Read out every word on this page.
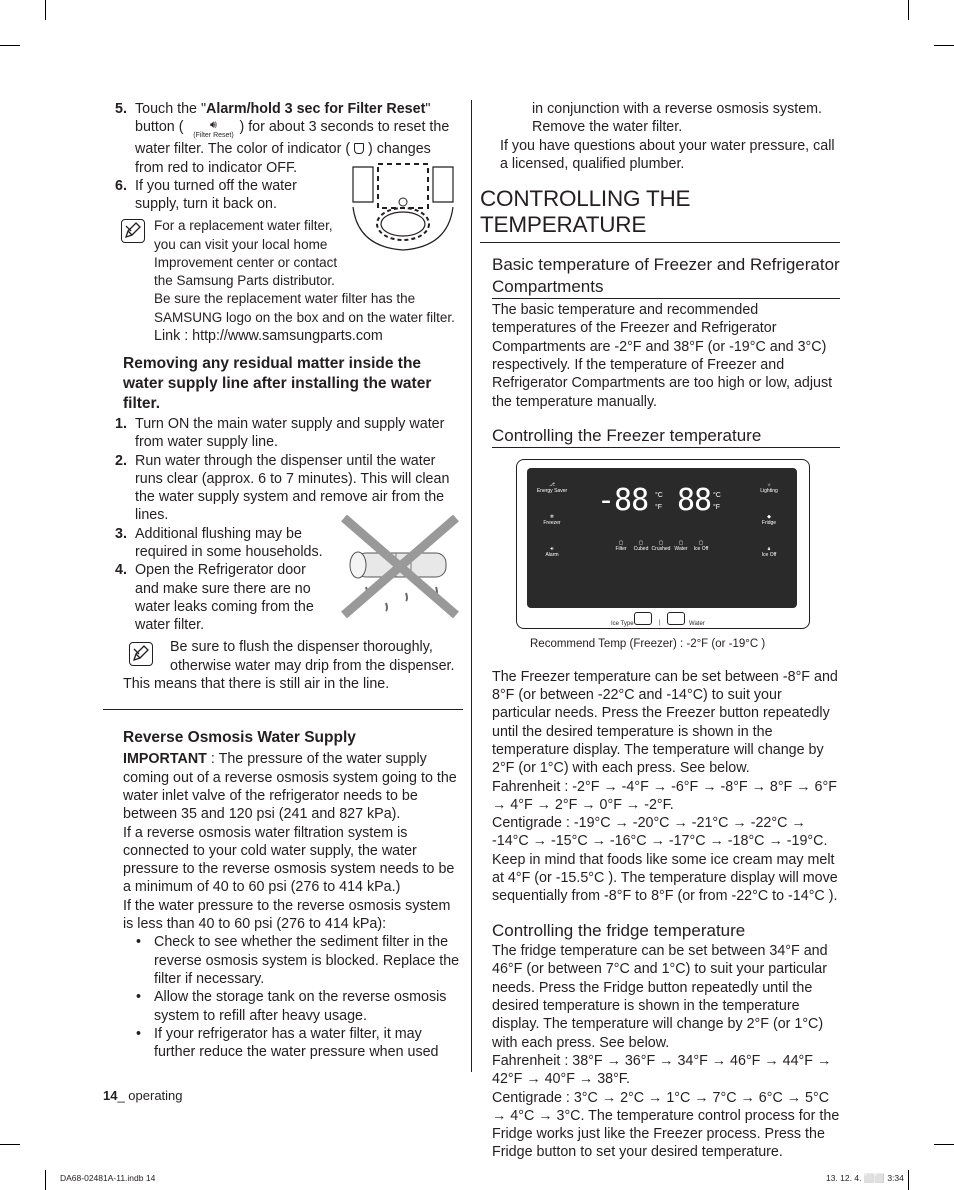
5. Touch the "Alarm/hold 3 sec for Filter Reset" button ( 🔊︎
(Filter Reset)) for about 3 seconds to reset the water filter. The color of indicator ( ) changes from red to indicator OFF.
6. If you turned off the water supply, turn it back on.
For a replacement water filter,
you can visit your local home
Improvement center or contact
the Samsung Parts distributor.
Be sure the replacement water filter has the
SAMSUNG logo on the box and on the water filter.
Link : http://www.samsungparts.com
Removing any residual matter inside the water supply line after installing the water filter.
1. Turn ON the main water supply and supply water from water supply line.
2. Run water through the dispenser until the water runs clear (approx. 6 to 7 minutes). This will clean the water supply system and remove air from the lines.
3. Additional flushing may be required in some households.
4. Open the Refrigerator door and make sure there are no water leaks coming from the water filter.
Be sure to flush the dispenser thoroughly, otherwise water may drip from the dispenser.
This means that there is still air in the line.
Reverse Osmosis Water Supply
IMPORTANT : The pressure of the water supply coming out of a reverse osmosis system going to the water inlet valve of the refrigerator needs to be between 35 and 120 psi (241 and 827 kPa).
If a reverse osmosis water filtration system is connected to your cold water supply, the water pressure to the reverse osmosis system needs to be a minimum of 40 to 60 psi (276 to 414 kPa.)
If the water pressure to the reverse osmosis system is less than 40 to 60 psi (276 to 414 kPa):
• Check to see whether the sediment filter in the reverse osmosis system is blocked. Replace the filter if necessary.
• Allow the storage tank on the reverse osmosis system to refill after heavy usage.
• If your refrigerator has a water filter, it may further reduce the water pressure when used
in conjunction with a reverse osmosis system. Remove the water filter.
If you have questions about your water pressure, call a licensed, qualified plumber.
CONTROLLING THE TEMPERATURE
Basic temperature of Freezer and Refrigerator Compartments
The basic temperature and recommended temperatures of the Freezer and Refrigerator Compartments are -2°F and 38°F (or -19°C and 3°C) respectively. If the temperature of Freezer and Refrigerator Compartments are too high or low, adjust the temperature manually.
Controlling the Freezer temperature
⎇
Energy Saver
❄
Freezer
🔊︎
Alarm
-88 °C
°F 88 °C
°F
☼
Lighting
◆
Fridge
🔒︎
Ice Off
▢
Filter
▢
Cubed
▢
Crushed
▢
Water
▢
Ice Off
Ice Type	|	Water
Recommend Temp (Freezer) : -2°F (or -19°C )
The Freezer temperature can be set between -8°F and 8°F (or between -22°C and -14°C) to suit your particular needs. Press the Freezer button repeatedly until the desired temperature is shown in the temperature display. The temperature will change by 2°F (or 1°C) with each press. See below.
Fahrenheit : -2°F → -4°F → -6°F → -8°F → 8°F → 6°F → 4°F → 2°F → 0°F → -2°F.
Centigrade : -19°C → -20°C → -21°C → -22°C → -14°C → -15°C → -16°C → -17°C → -18°C → -19°C.
Keep in mind that foods like some ice cream may melt at 4°F (or -15.5°C ). The temperature display will move sequentially from -8°F to 8°F (or from -22°C to -14°C ).
Controlling the fridge temperature
The fridge temperature can be set between 34°F and 46°F (or between 7°C and 1°C) to suit your particular needs. Press the Fridge button repeatedly until the desired temperature is shown in the temperature display. The temperature will change by 2°F (or 1°C) with each press. See below.
Fahrenheit : 38°F → 36°F → 34°F → 46°F → 44°F → 42°F → 40°F → 38°F.
Centigrade : 3°C → 2°C → 1°C → 7°C → 6°C → 5°C → 4°C → 3°C. The temperature control process for the Fridge works just like the Freezer process. Press the Fridge button to set your desired temperature.
14_ operating
DA68-02481A-11.indb 14	13. 12. 4. ⬜⬜ 3:34
